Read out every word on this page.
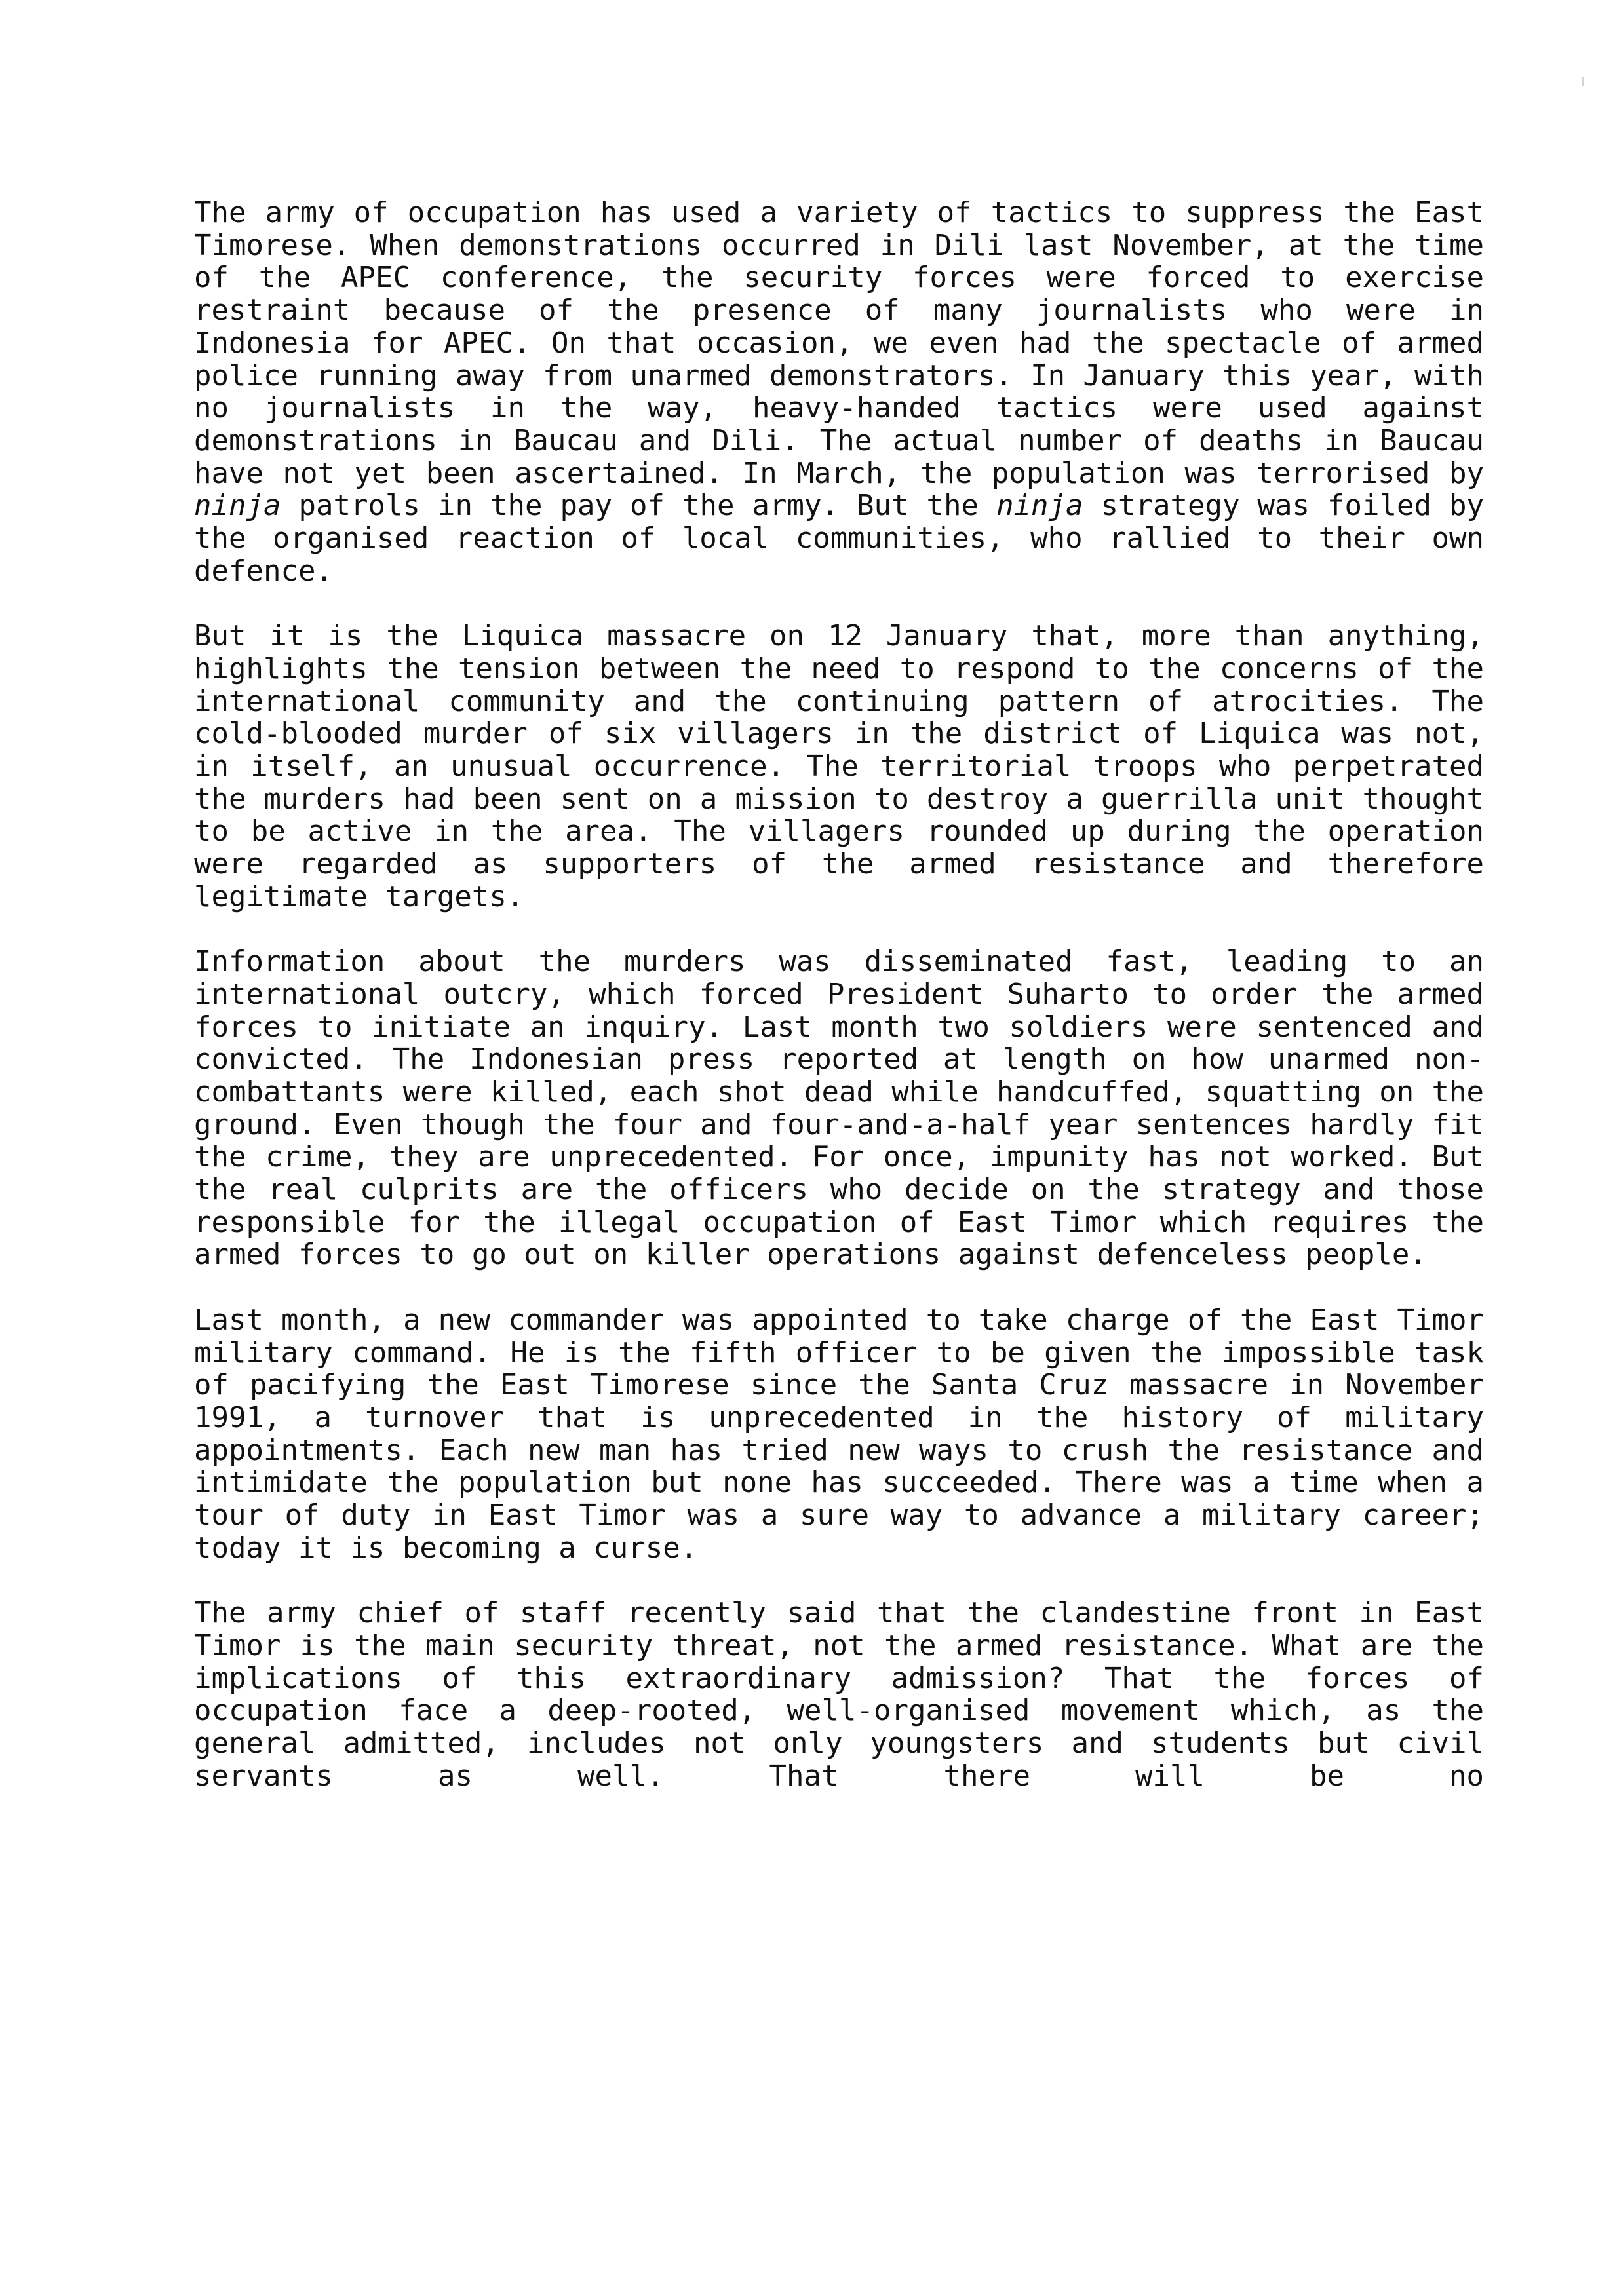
The army of occupation has used a variety of tactics to suppress the East Timorese. When demonstrations occurred in Dili last November, at the time of the APEC conference, the security forces were forced to exercise restraint because of the presence of many journalists who were in Indonesia for APEC. On that occasion, we even had the spectacle of armed police running away from unarmed demonstrators. In January this year, with no journalists in the way, heavy-handed tactics were used against demonstrations in Baucau and Dili. The actual number of deaths in Baucau have not yet been ascertained. In March, the population was terrorised by ninja patrols in the pay of the army. But the ninja strategy was foiled by the organised reaction of local communities, who rallied to their own defence.

But it is the Liquica massacre on 12 January that, more than anything, highlights the tension between the need to respond to the concerns of the international community and the continuing pattern of atrocities. The cold-blooded murder of six villagers in the district of Liquica was not, in itself, an unusual occurrence. The territorial troops who perpetrated the murders had been sent on a mission to destroy a guerrilla unit thought to be active in the area. The villagers rounded up during the operation were regarded as supporters of the armed resistance and therefore legitimate targets.

Information about the murders was disseminated fast, leading to an international outcry, which forced President Suharto to order the armed forces to initiate an inquiry. Last month two soldiers were sentenced and convicted. The Indonesian press reported at length on how unarmed non-combattants were killed, each shot dead while handcuffed, squatting on the ground. Even though the four and four-and-a-half year sentences hardly fit the crime, they are unprecedented. For once, impunity has not worked. But the real culprits are the officers who decide on the strategy and those responsible for the illegal occupation of East Timor which requires the armed forces to go out on killer operations against defenceless people.

Last month, a new commander was appointed to take charge of the East Timor military command. He is the fifth officer to be given the impossible task of pacifying the East Timorese since the Santa Cruz massacre in November 1991, a turnover that is unprecedented in the history of military appointments. Each new man has tried new ways to crush the resistance and intimidate the population but none has succeeded. There was a time when a tour of duty in East Timor was a sure way to advance a military career; today it is becoming a curse.

The army chief of staff recently said that the clandestine front in East Timor is the main security threat, not the armed resistance. What are the implications of this extraordinary admission? That the forces of occupation face a deep-rooted, well-organised movement which, as the general admitted, includes not only youngsters and students but civil servants as well. That there will be no
